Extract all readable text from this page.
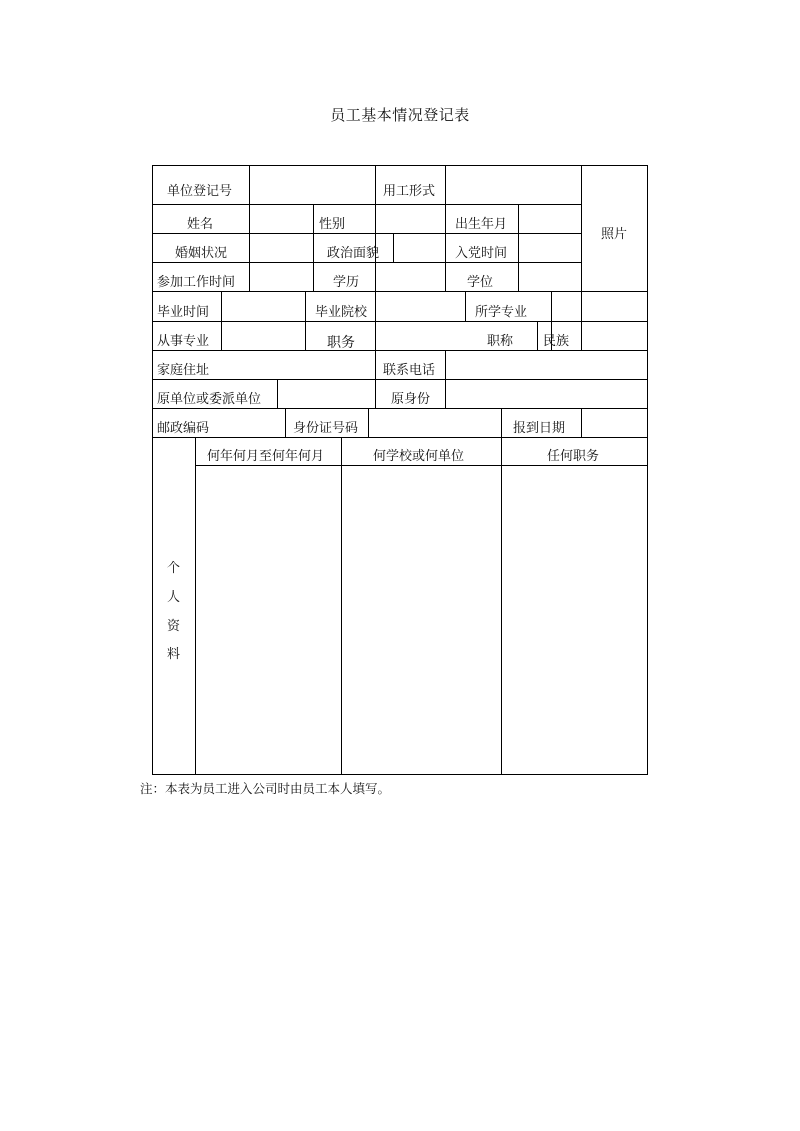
员工基本情况登记表
单位登记号	用工形式
照片
姓名	性别	出生年月
婚姻状况	政治面貌	入党时间
参加工作时间	学历	学位
毕业时间	毕业院校	所学专业
从事专业	职务	职称 民族
家庭住址	联系电话
原单位或委派单位	原身份
邮政编码	身份证号码	报到日期
何年何月至何年何月	何学校或何单位	任何职务
个
人
资
料
注：本表为员工进入公司时由员工本人填写。
